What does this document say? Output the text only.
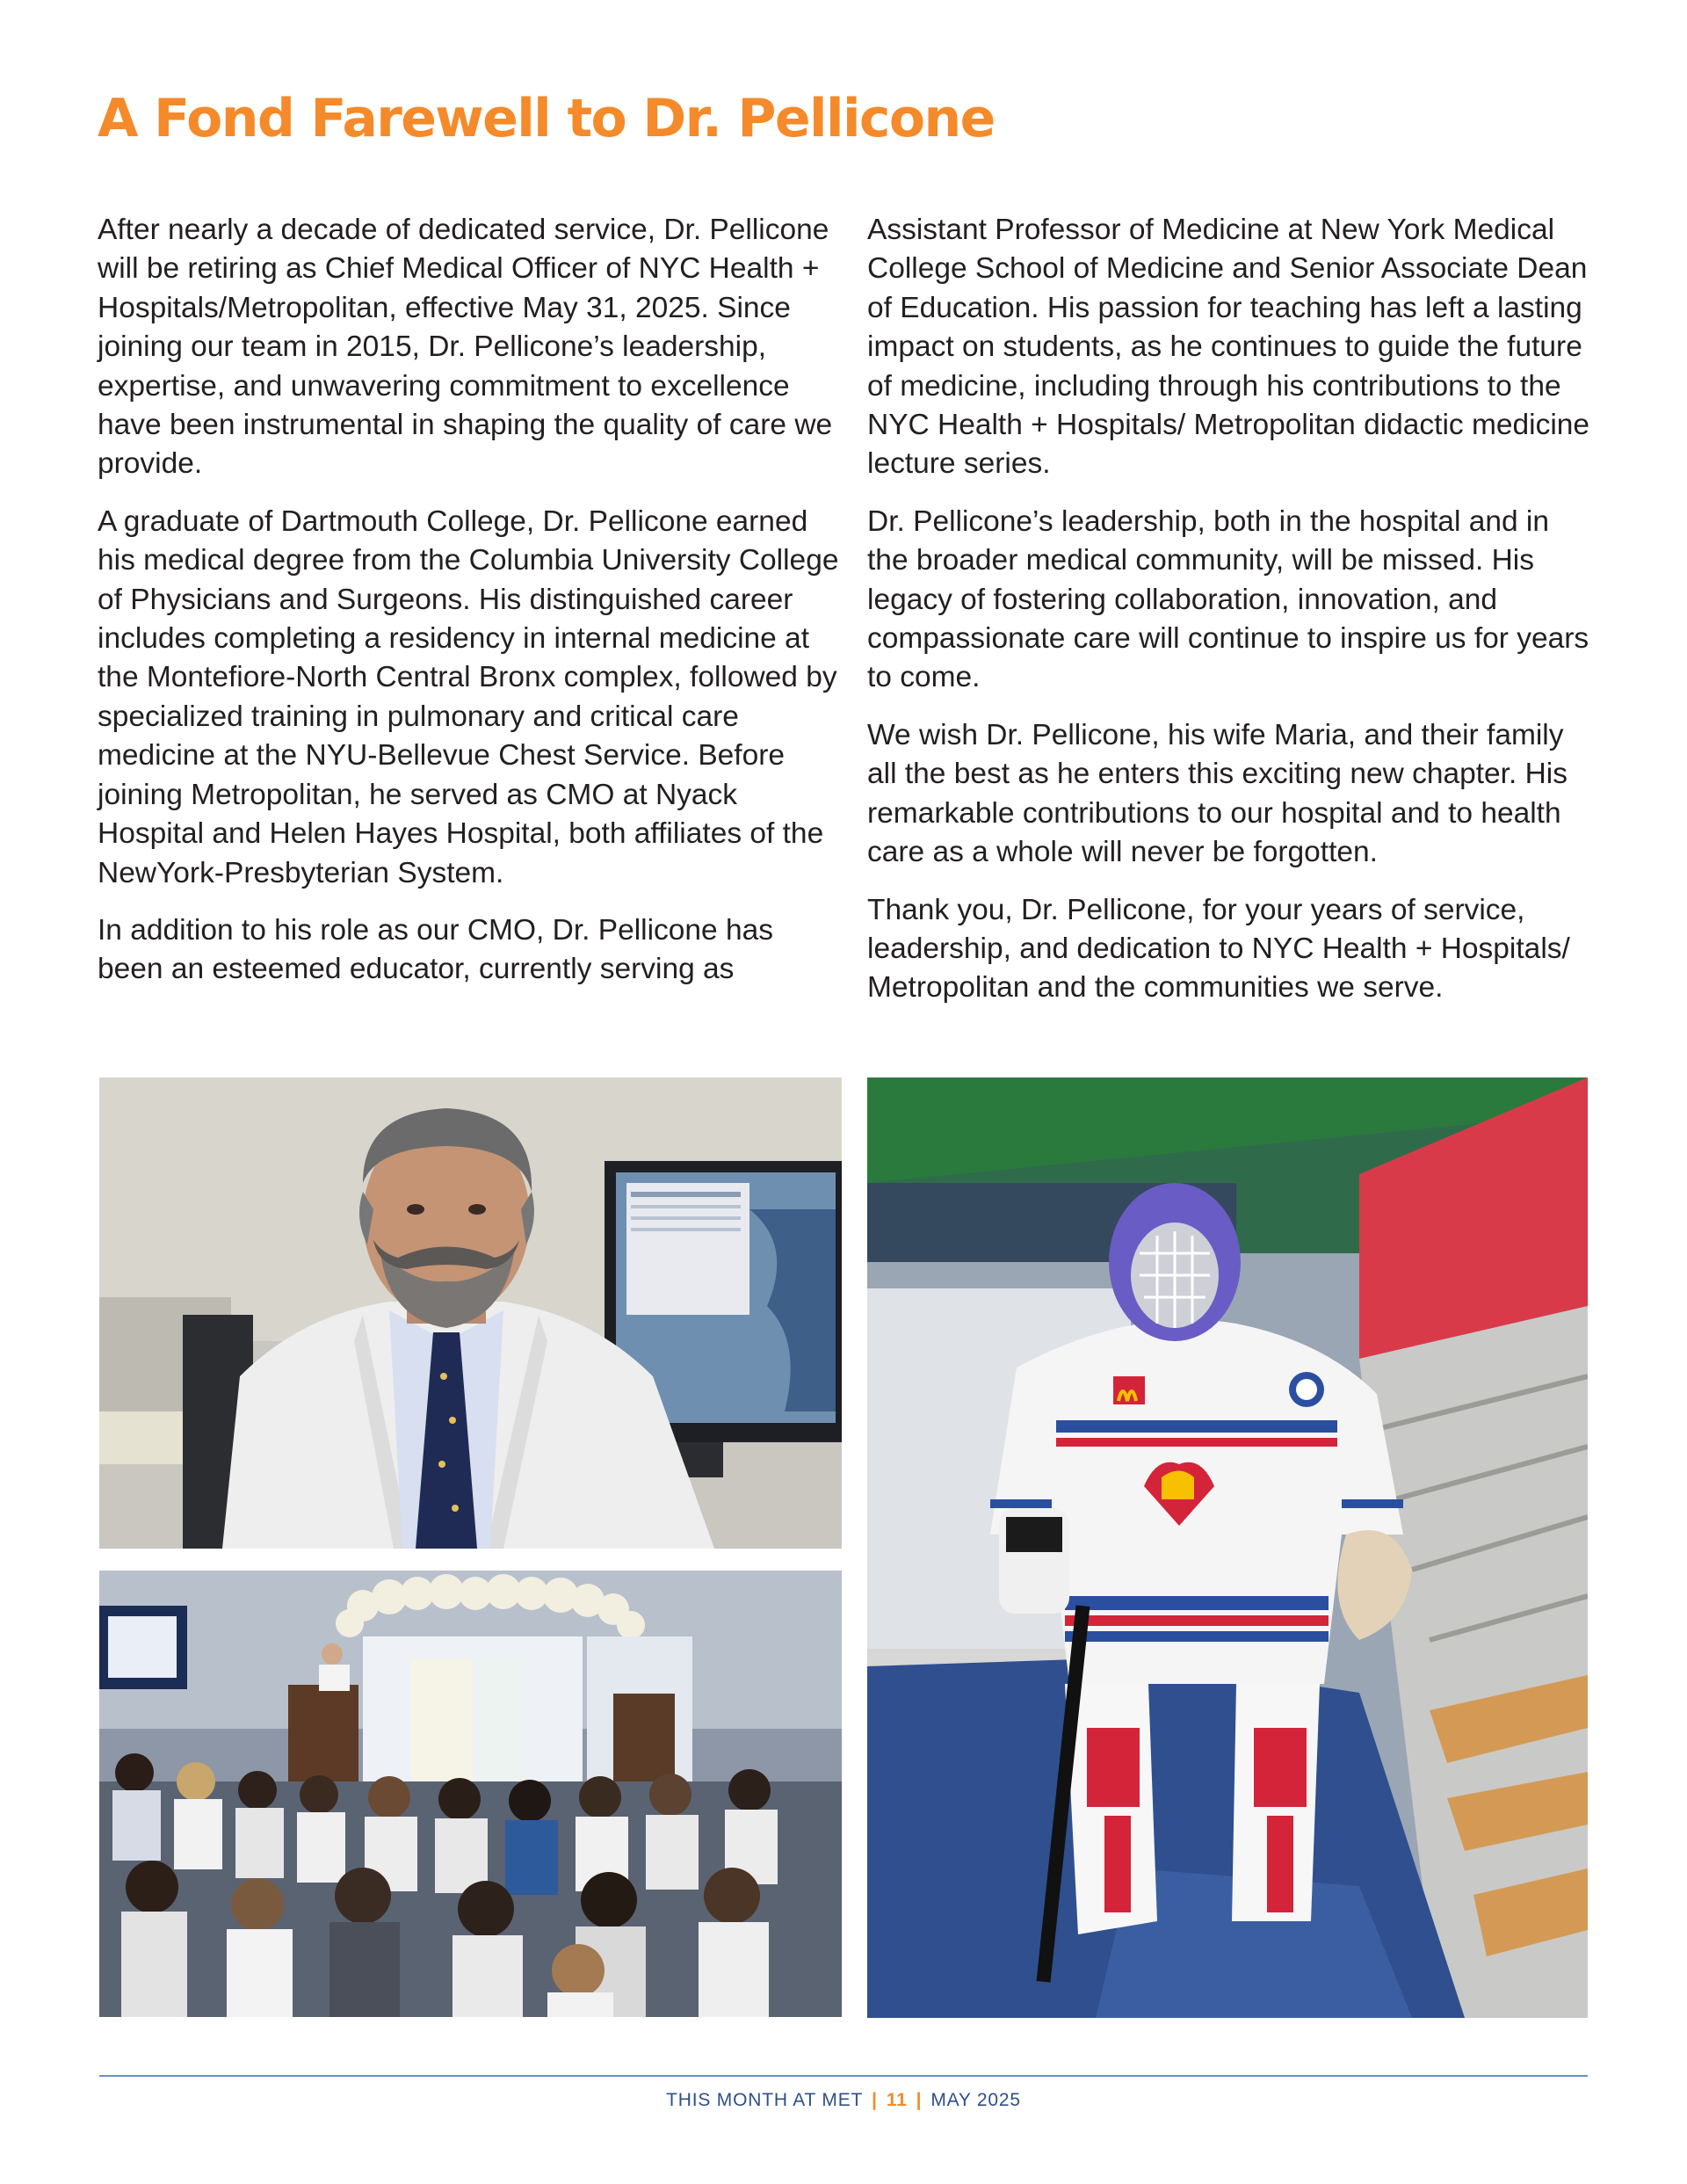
A Fond Farewell to Dr. Pellicone

After nearly a decade of dedicated service, Dr. Pellicone will be retiring as Chief Medical Officer of NYC Health + Hospitals/Metropolitan, effective May 31, 2025. Since joining our team in 2015, Dr. Pellicone’s leadership, expertise, and unwavering commitment to excellence have been instrumental in shaping the quality of care we provide.

A graduate of Dartmouth College, Dr. Pellicone earned his medical degree from the Columbia University College of Physicians and Surgeons. His distinguished career includes completing a residency in internal medicine at the Montefiore-North Central Bronx complex, followed by specialized training in pulmonary and critical care medicine at the NYU-Bellevue Chest Service. Before joining Metropolitan, he served as CMO at Nyack Hospital and Helen Hayes Hospital, both affiliates of the NewYork-Presbyterian System.

In addition to his role as our CMO, Dr. Pellicone has been an esteemed educator, currently serving as

Assistant Professor of Medicine at New York Medical College School of Medicine and Senior Associate Dean of Education. His passion for teaching has left a lasting impact on students, as he continues to guide the future of medicine, including through his contributions to the NYC Health + Hospitals/ Metropolitan didactic medicine lecture series.

Dr. Pellicone’s leadership, both in the hospital and in the broader medical community, will be missed. His legacy of fostering collaboration, innovation, and compassionate care will continue to inspire us for years to come.

We wish Dr. Pellicone, his wife Maria, and their family all the best as he enters this exciting new chapter. His remarkable contributions to our hospital and to health care as a whole will never be forgotten.

Thank you, Dr. Pellicone, for your years of service, leadership, and dedication to NYC Health + Hospitals/ Metropolitan and the communities we serve.

THIS MONTH AT MET | 11 | MAY 2025
